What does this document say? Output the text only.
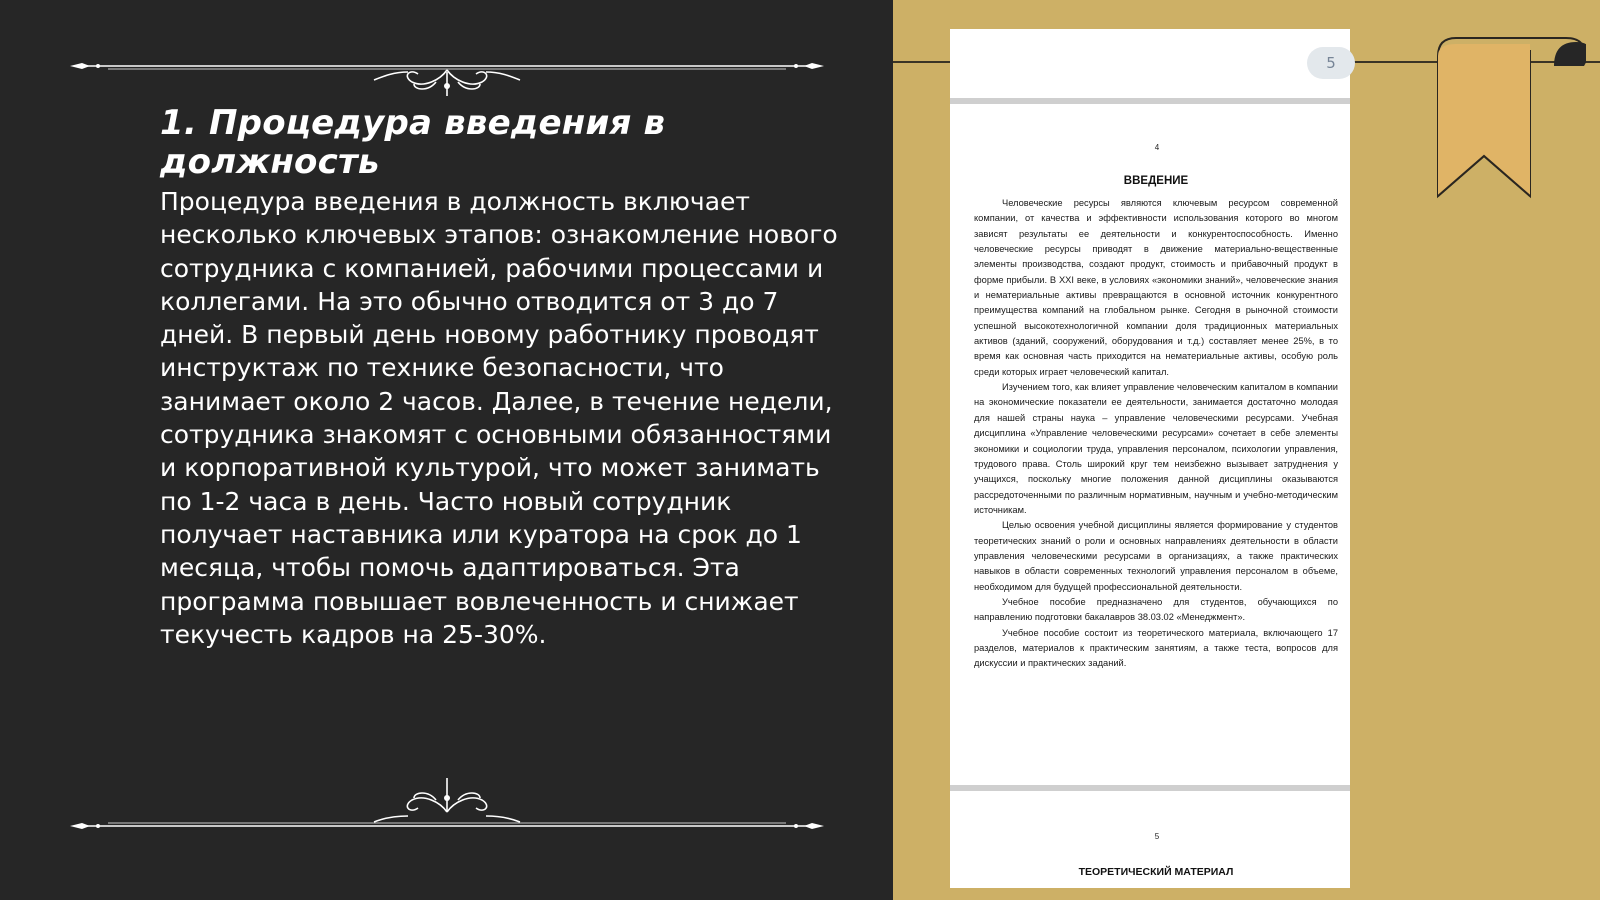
1. Процедура введения в должность

Процедура введения в должность включает несколько ключевых этапов: ознакомление нового сотрудника с компанией, рабочими процессами и коллегами. На это обычно отводится от 3 до 7 дней. В первый день новому работнику проводят инструктаж по технике безопасности, что занимает около 2 часов. Далее, в течение недели, сотрудника знакомят с основными обязанностями и корпоративной культурой, что может занимать по 1-2 часа в день. Часто новый сотрудник получает наставника или куратора на срок до 1 месяца, чтобы помочь адаптироваться. Эта программа повышает вовлеченность и снижает текучесть кадров на 25-30%.

5
4
ВВЕДЕНИЕ

Человеческие ресурсы являются ключевым ресурсом современной компании, от качества и эффективности использования которого во многом зависят результаты ее деятельности и конкурентоспособность. Именно человеческие ресурсы приводят в движение материально-вещественные элементы производства, создают продукт, стоимость и прибавочный продукт в форме прибыли. В XXI веке, в условиях «экономики знаний», человеческие знания и нематериальные активы превращаются в основной источник конкурентного преимущества компаний на глобальном рынке. Сегодня в рыночной стоимости успешной высокотехнологичной компании доля традиционных материальных активов (зданий, сооружений, оборудования и т.д.) составляет менее 25%, в то время как основная часть приходится на нематериальные активы, особую роль среди которых играет человеческий капитал.

Изучением того, как влияет управление человеческим капиталом в компании на экономические показатели ее деятельности, занимается достаточно молодая для нашей страны наука – управление человеческими ресурсами. Учебная дисциплина «Управление человеческими ресурсами» сочетает в себе элементы экономики и социологии труда, управления персоналом, психологии управления, трудового права. Столь широкий круг тем неизбежно вызывает затруднения у учащихся, поскольку многие положения данной дисциплины оказываются рассредоточенными по различным нормативным, научным и учебно-методическим источникам.

Целью освоения учебной дисциплины является формирование у студентов теоретических знаний о роли и основных направлениях деятельности в области управления человеческими ресурсами в организациях, а также практических навыков в области современных технологий управления персоналом в объеме, необходимом для будущей профессиональной деятельности.

Учебное пособие предназначено для студентов, обучающихся по направлению подготовки бакалавров 38.03.02 «Менеджмент».

Учебное пособие состоит из теоретического материала, включающего 17 разделов, материалов к практическим занятиям, а также теста, вопросов для дискуссии и практических заданий.

5
ТЕОРЕТИЧЕСКИЙ МАТЕРИАЛ
